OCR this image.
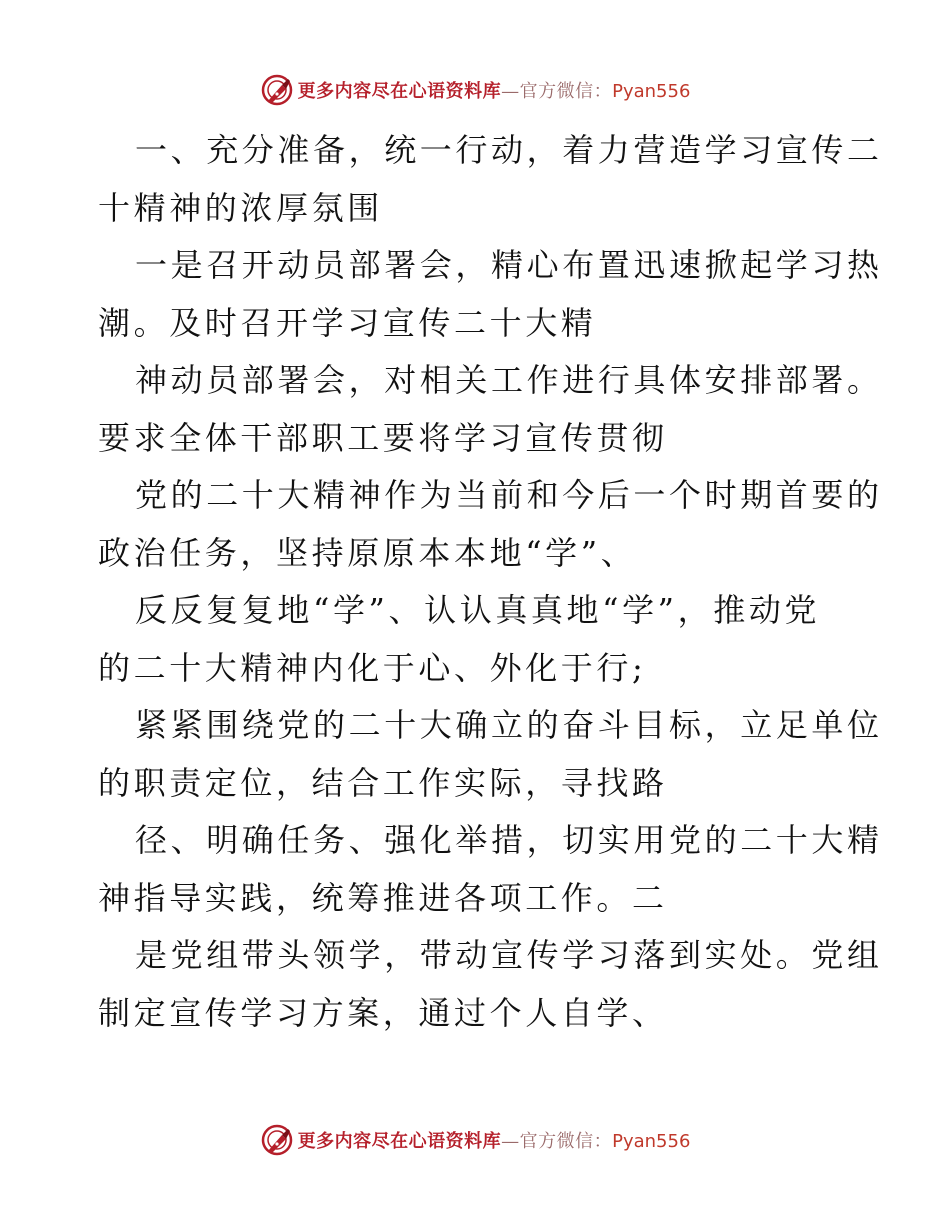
更多内容尽在心语资料库—官方微信：Pyan556
一、充分准备，统一行动，着力营造学习宣传二
十精神的浓厚氛围
一是召开动员部署会，精心布置迅速掀起学习热
潮。及时召开学习宣传二十大精
神动员部署会，对相关工作进行具体安排部署。
要求全体干部职工要将学习宣传贯彻
党的二十大精神作为当前和今后一个时期首要的
政治任务，坚持原原本本地“学”、
反反复复地“学”、认认真真地“学”，推动党
的二十大精神内化于心、外化于行;
紧紧围绕党的二十大确立的奋斗目标，立足单位
的职责定位，结合工作实际，寻找路
径、明确任务、强化举措，切实用党的二十大精
神指导实践，统筹推进各项工作。二
是党组带头领学，带动宣传学习落到实处。党组
制定宣传学习方案，通过个人自学、
更多内容尽在心语资料库—官方微信：Pyan556
